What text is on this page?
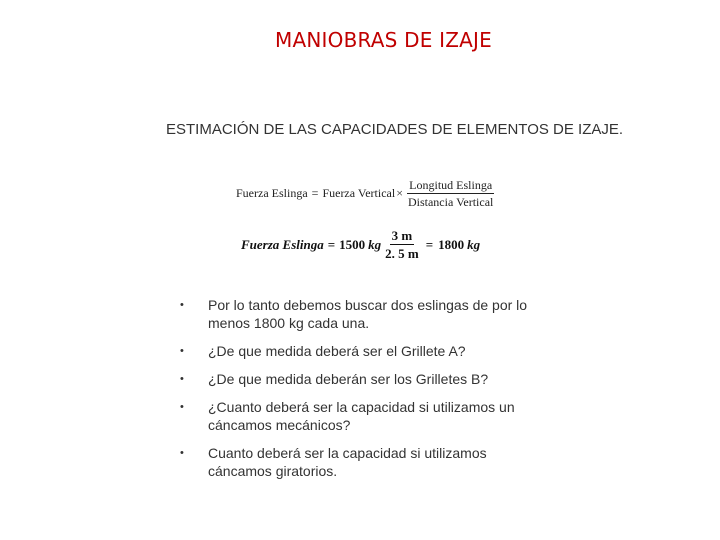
MANIOBRAS DE IZAJE
ESTIMACIÓN DE LAS CAPACIDADES DE ELEMENTOS DE IZAJE.
Fuerza Eslinga = Fuerza Vertical × $\frac{\text{Longitud Eslinga}}{\text{Distancia Vertical}}$
Fuerza Eslinga = 1500 kg $\frac{3 m}{2. 5 m} = 1800$ kg
•	Por lo tanto debemos buscar dos eslingas de por lo menos 1800 kg cada una.
•	¿De que medida deberá ser el Grillete A?
•	¿De que medida deberán ser los Grilletes B?
•	¿Cuanto deberá ser la capacidad si utilizamos un cáncamos mecánicos?
•	Cuanto deberá ser la capacidad si utilizamos cáncamos giratorios.
